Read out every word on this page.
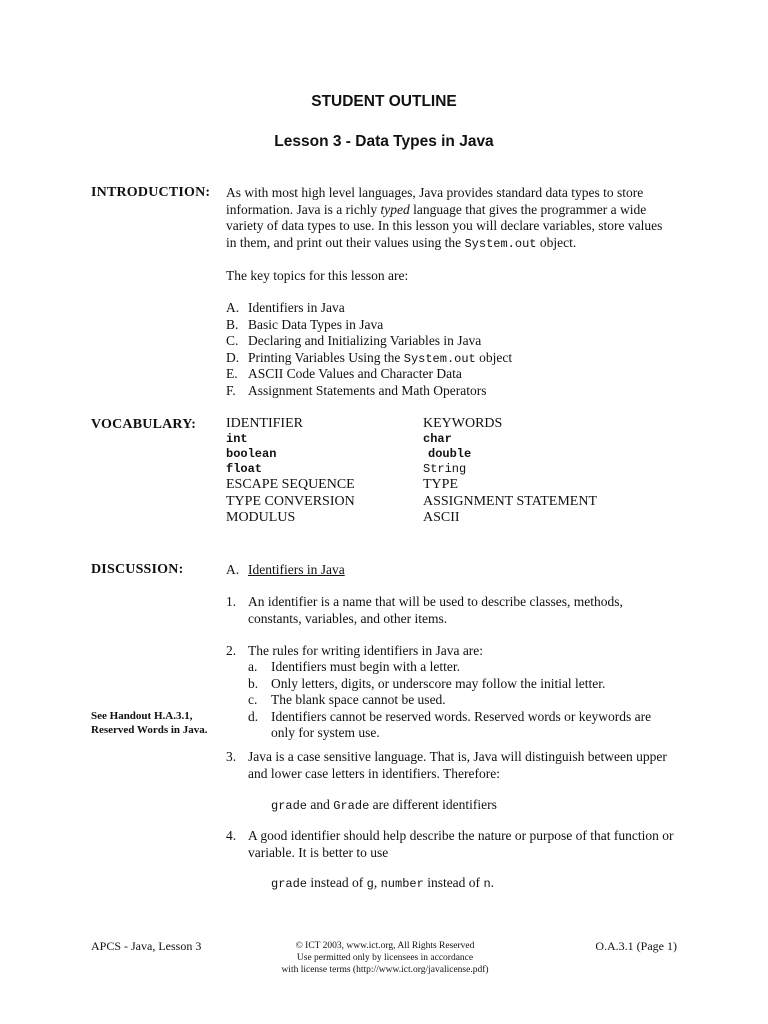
STUDENT OUTLINE
Lesson 3 - Data Types in Java
INTRODUCTION: As with most high level languages, Java provides standard data types to store information. Java is a richly typed language that gives the programmer a wide variety of data types to use. In this lesson you will declare variables, store values in them, and print out their values using the System.out object.
The key topics for this lesson are:
A. Identifiers in Java
B. Basic Data Types in Java
C. Declaring and Initializing Variables in Java
D. Printing Variables Using the System.out object
E. ASCII Code Values and Character Data
F. Assignment Statements and Math Operators
VOCABULARY: IDENTIFIER
int
boolean
float
ESCAPE SEQUENCE
TYPE CONVERSION
MODULUS
KEYWORDS
char
double
String
TYPE
ASSIGNMENT STATEMENT
ASCII
DISCUSSION:	A. Identifiers in Java
1. An identifier is a name that will be used to describe classes, methods, constants, variables, and other items.
2. The rules for writing identifiers in Java are:
a. Identifiers must begin with a letter.
b. Only letters, digits, or underscore may follow the initial letter.
c. The blank space cannot be used.
d. Identifiers cannot be reserved words. Reserved words or keywords are only for system use.
See Handout H.A.3.1, Reserved Words in Java.
3. Java is a case sensitive language. That is, Java will distinguish between upper and lower case letters in identifiers. Therefore:
grade and Grade are different identifiers
4. A good identifier should help describe the nature or purpose of that function or variable. It is better to use
grade instead of g, number instead of n.
APCS - Java, Lesson 3	© ICT 2003, www.ict.org, All Rights Reserved
Use permitted only by licensees in accordance
with license terms (http://www.ict.org/javalicense.pdf)
O.A.3.1 (Page 1)
